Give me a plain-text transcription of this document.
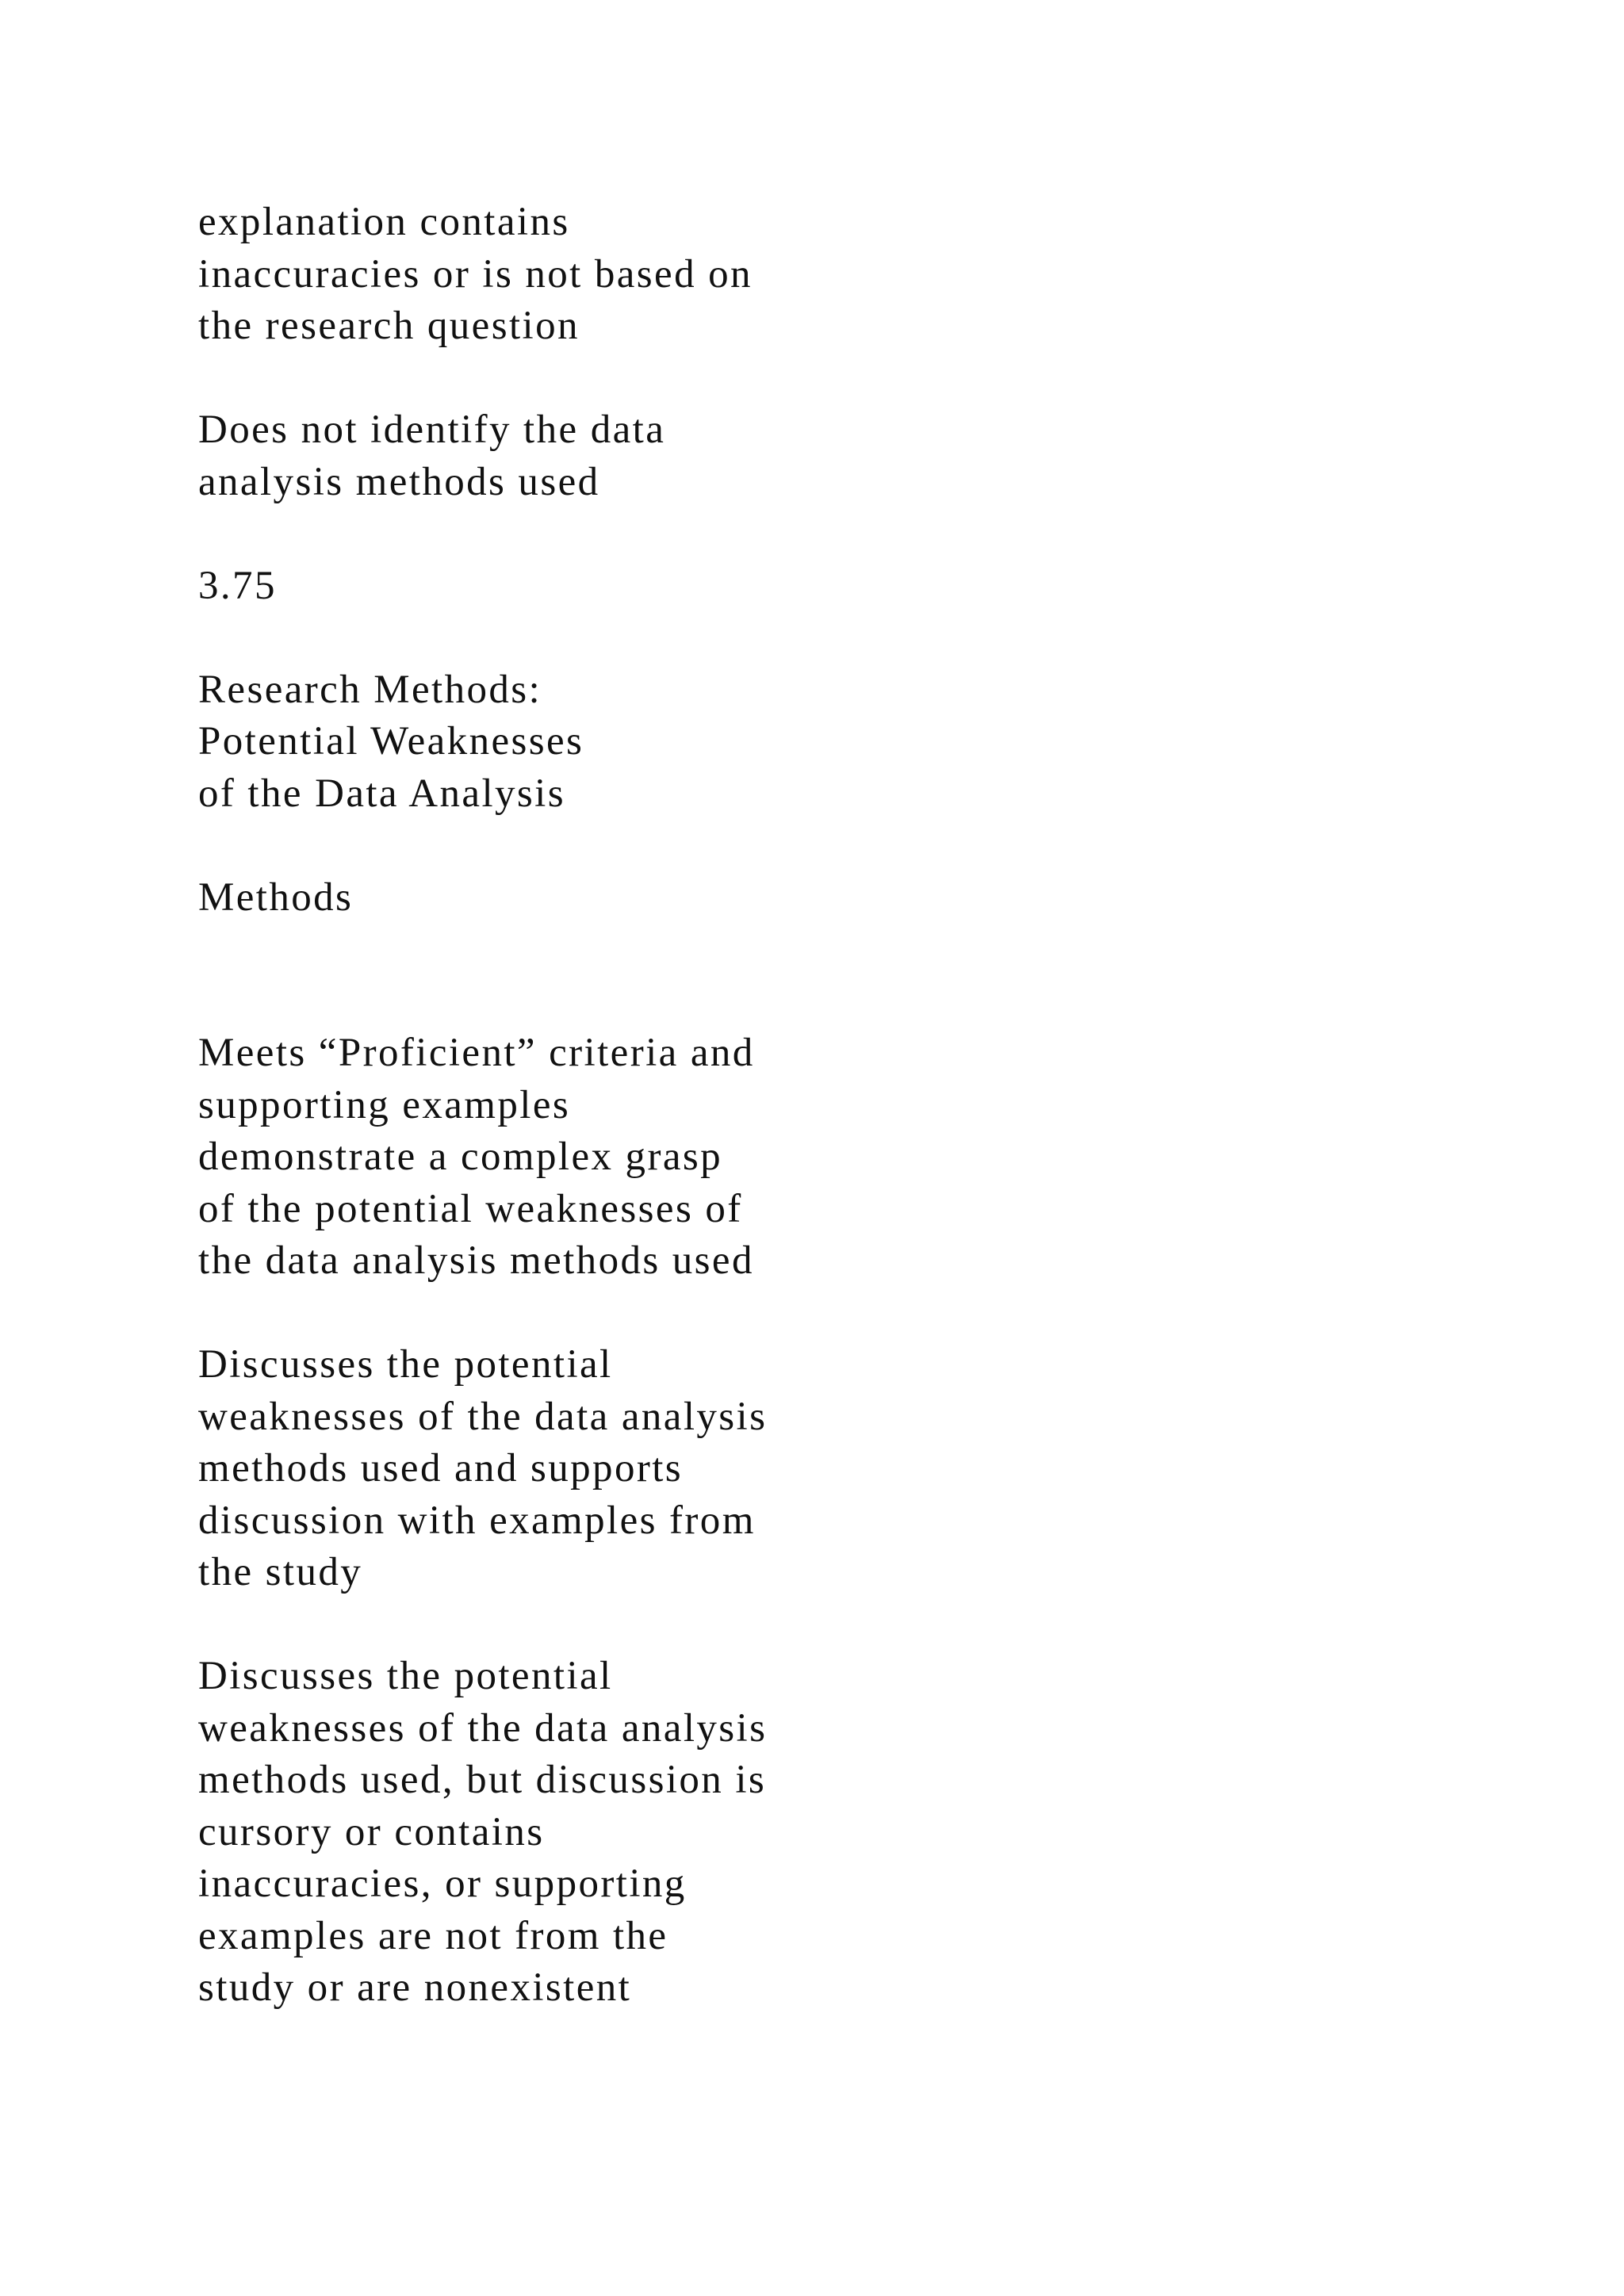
explanation contains
inaccuracies or is not based on
the research question
Does not identify the data
analysis methods used
3.75
Research Methods:
Potential Weaknesses
of the Data Analysis
Methods
Meets “Proficient” criteria and
supporting examples
demonstrate a complex grasp
of the potential weaknesses of
the data analysis methods used
Discusses the potential
weaknesses of the data analysis
methods used and supports
discussion with examples from
the study
Discusses the potential
weaknesses of the data analysis
methods used, but discussion is
cursory or contains
inaccuracies, or supporting
examples are not from the
study or are nonexistent
